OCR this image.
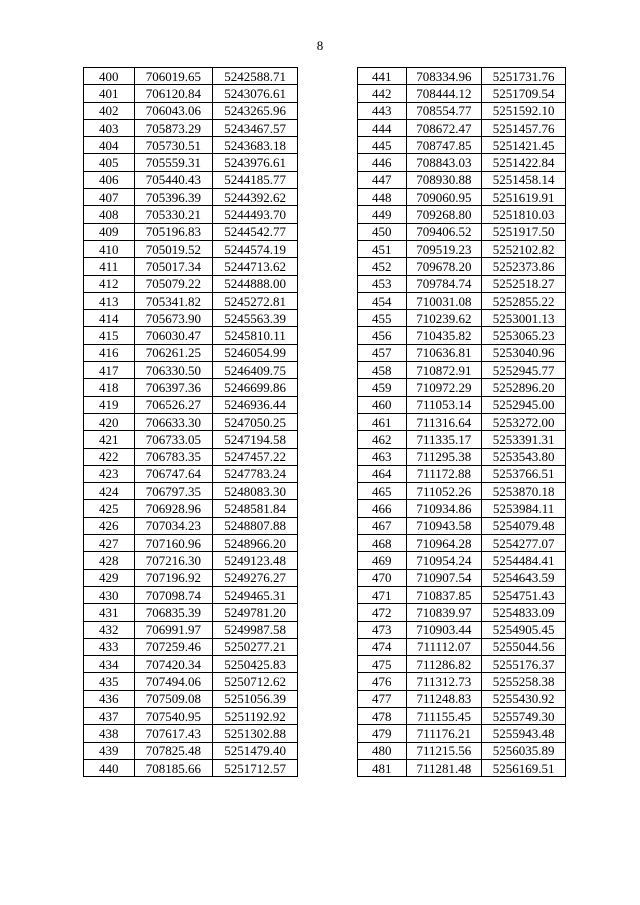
8
400	706019.65	5242588.71
401	706120.84	5243076.61
402	706043.06	5243265.96
403	705873.29	5243467.57
404	705730.51	5243683.18
405	705559.31	5243976.61
406	705440.43	5244185.77
407	705396.39	5244392.62
408	705330.21	5244493.70
409	705196.83	5244542.77
410	705019.52	5244574.19
411	705017.34	5244713.62
412	705079.22	5244888.00
413	705341.82	5245272.81
414	705673.90	5245563.39
415	706030.47	5245810.11
416	706261.25	5246054.99
417	706330.50	5246409.75
418	706397.36	5246699.86
419	706526.27	5246936.44
420	706633.30	5247050.25
421	706733.05	5247194.58
422	706783.35	5247457.22
423	706747.64	5247783.24
424	706797.35	5248083.30
425	706928.96	5248581.84
426	707034.23	5248807.88
427	707160.96	5248966.20
428	707216.30	5249123.48
429	707196.92	5249276.27
430	707098.74	5249465.31
431	706835.39	5249781.20
432	706991.97	5249987.58
433	707259.46	5250277.21
434	707420.34	5250425.83
435	707494.06	5250712.62
436	707509.08	5251056.39
437	707540.95	5251192.92
438	707617.43	5251302.88
439	707825.48	5251479.40
440	708185.66	5251712.57
441	708334.96	5251731.76
442	708444.12	5251709.54
443	708554.77	5251592.10
444	708672.47	5251457.76
445	708747.85	5251421.45
446	708843.03	5251422.84
447	708930.88	5251458.14
448	709060.95	5251619.91
449	709268.80	5251810.03
450	709406.52	5251917.50
451	709519.23	5252102.82
452	709678.20	5252373.86
453	709784.74	5252518.27
454	710031.08	5252855.22
455	710239.62	5253001.13
456	710435.82	5253065.23
457	710636.81	5253040.96
458	710872.91	5252945.77
459	710972.29	5252896.20
460	711053.14	5252945.00
461	711316.64	5253272.00
462	711335.17	5253391.31
463	711295.38	5253543.80
464	711172.88	5253766.51
465	711052.26	5253870.18
466	710934.86	5253984.11
467	710943.58	5254079.48
468	710964.28	5254277.07
469	710954.24	5254484.41
470	710907.54	5254643.59
471	710837.85	5254751.43
472	710839.97	5254833.09
473	710903.44	5254905.45
474	711112.07	5255044.56
475	711286.82	5255176.37
476	711312.73	5255258.38
477	711248.83	5255430.92
478	711155.45	5255749.30
479	711176.21	5255943.48
480	711215.56	5256035.89
481	711281.48	5256169.51
